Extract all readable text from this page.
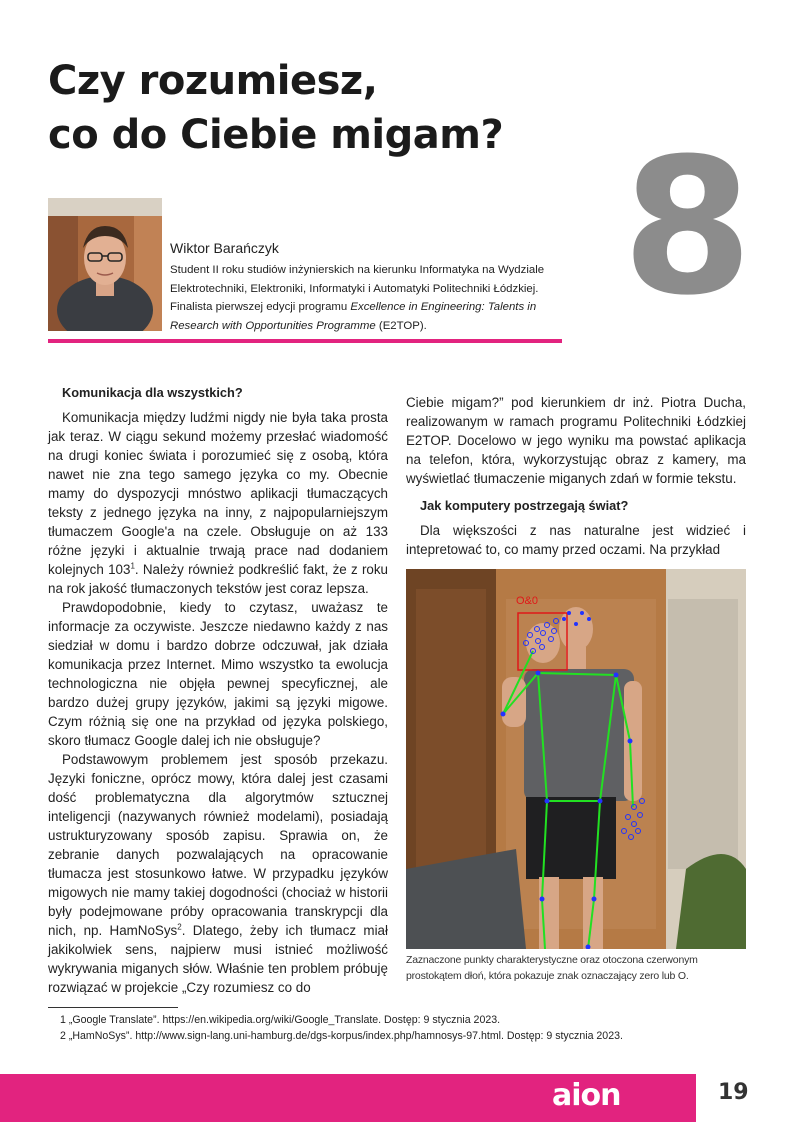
Czy rozumiesz,
co do Ciebie migam? 8
Wiktor Barańczyk
Student II roku studiów inżynierskich na kierunku Informatyka na Wydziale Elektrotechniki, Elektroniki, Informatyki i Automatyki Politechniki Łódzkiej. Finalista pierwszej edycji programu Excellence in Engineering: Talents in Research with Opportunities Programme (E2TOP).
Komunikacja dla wszystkich?

Komunikacja między ludźmi nigdy nie była taka prosta jak teraz. W ciągu sekund możemy przesłać wiadomość na drugi koniec świata i porozumieć się z osobą, która nawet nie zna tego samego języka co my. Obecnie mamy do dyspozycji mnóstwo aplikacji tłumaczących teksty z jednego języka na inny, z najpopularniejszym tłumaczem Google'a na czele. Obsługuje on aż 133 różne języki i aktualnie trwają prace nad dodaniem kolejnych $103^1$. Należy również podkreślić fakt, że z roku na rok jakość tłumaczonych tekstów jest coraz lepsza.

Prawdopodobnie, kiedy to czytasz, uważasz te informacje za oczywiste. Jeszcze niedawno każdy z nas siedział w domu i bardzo dobrze odczuwał, jak działa komunikacja przez Internet. Mimo wszystko ta ewolucja technologiczna nie objęła pewnej specyficznej, ale bardzo dużej grupy języków, jakimi są języki migowe. Czym różnią się one na przykład od języka polskiego, skoro tłumacz Google dalej ich nie obsługuje?

Podstawowym problemem jest sposób przekazu. Języki foniczne, oprócz mowy, która dalej jest czasami dość problematyczna dla algorytmów sztucznej inteligencji (nazywanych również modelami), posiadają ustrukturyzowany sposób zapisu. Sprawia on, że zebranie danych pozwalających na opracowanie tłumacza jest stosunkowo łatwe. W przypadku języków migowych nie mamy takiej dogodności (chociaż w historii były podejmowane próby opracowania transkrypcji dla nich, np. HamNoSys$^2$. Dlatego, żeby ich tłumacz miał jakikolwiek sens, najpierw musi istnieć możliwość wykrywania miganych słów. Właśnie ten problem próbuję rozwiązać w projekcie „Czy rozumiesz co do

Ciebie migam?” pod kierunkiem dr inż. Piotra Ducha, realizowanym w ramach programu Politechniki Łódzkiej E2TOP. Docelowo w jego wyniku ma powstać aplikacja na telefon, która, wykorzystując obraz z kamery, ma wyświetlać tłumaczenie miganych zdań w formie tekstu.

Jak komputery postrzegają świat?

Dla większości z nas naturalne jest widzieć i intepretować to, co mamy przed oczami. Na przykład

O&0
Zaznaczone punkty charakterystyczne oraz otoczona czerwonym prostokątem dłoń, która pokazuje znak oznaczający zero lub O.
1 „Google Translate”. https://en.wikipedia.org/wiki/Google_Translate. Dostęp: 9 stycznia 2023.
2 „HamNoSys”. http://www.sign-lang.uni-hamburg.de/dgs-korpus/index.php/hamnosys-97.html. Dostęp: 9 stycznia 2023.
aion	19
